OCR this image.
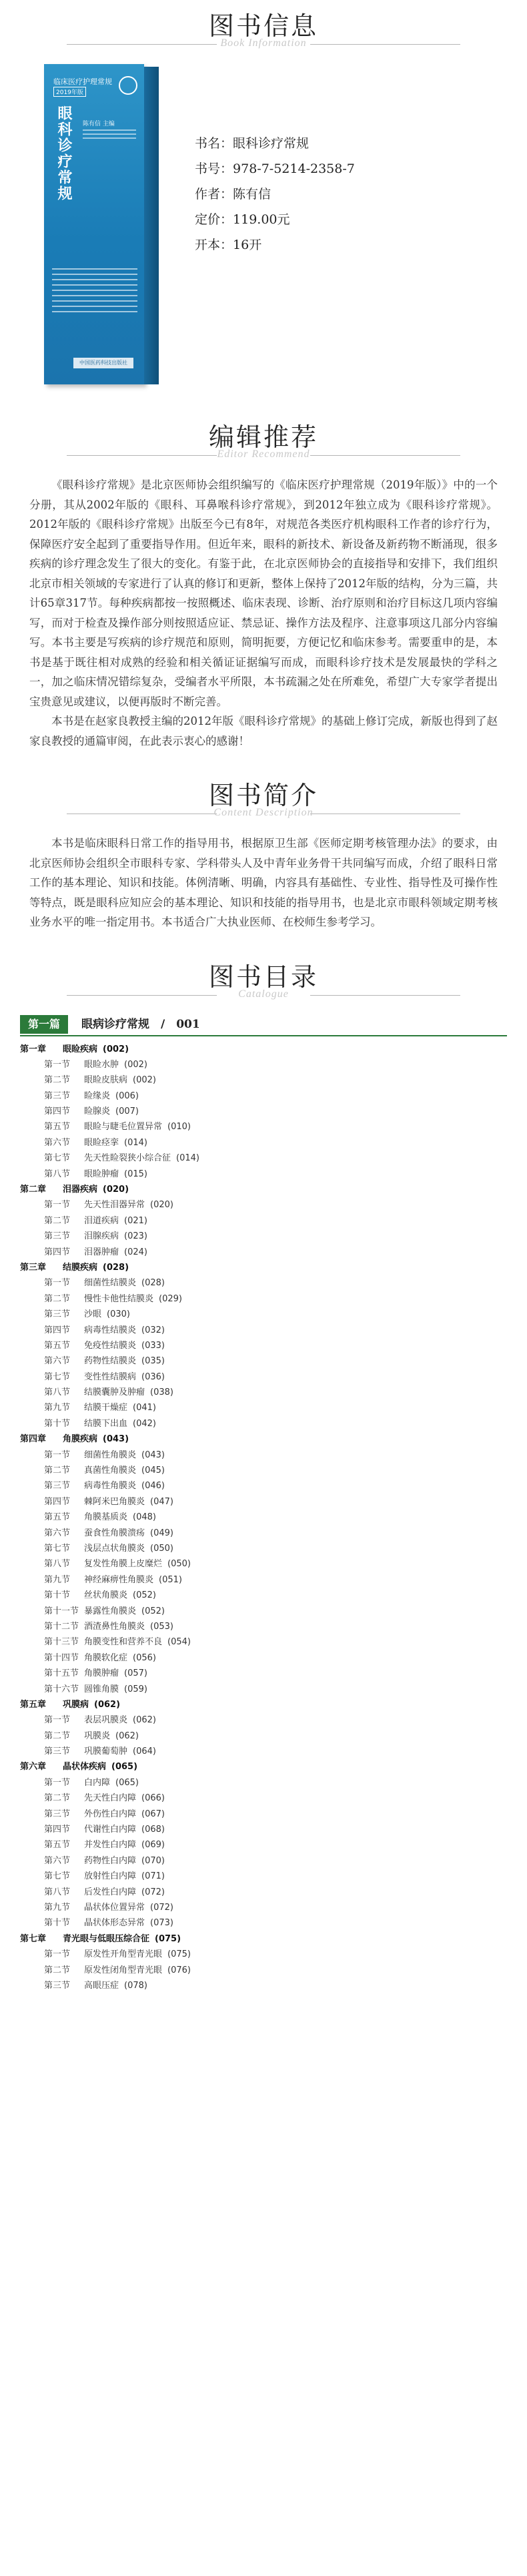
图书信息
Book Information
临床医疗护理常规
2019年版
眼科诊疗常规 陈有信 主编
中国医药科技出版社
书名：眼科诊疗常规
书号：978-7-5214-2358-7
作者：陈有信
定价：119.00元
开本：16开
编辑推荐
Editor Recommend

《眼科诊疗常规》是北京医师协会组织编写的《临床医疗护理常规（2019年版）》中的一个分册，其从2002年版的《眼科、耳鼻喉科诊疗常规》，到2012年独立成为《眼科诊疗常规》。2012年版的《眼科诊疗常规》出版至今已有8年，对规范各类医疗机构眼科工作者的诊疗行为，保障医疗安全起到了重要指导作用。但近年来，眼科的新技术、新设备及新药物不断涌现，很多疾病的诊疗理念发生了很大的变化。有鉴于此，在北京医师协会的直接指导和安排下，我们组织北京市相关领域的专家进行了认真的修订和更新，整体上保持了2012年版的结构，分为三篇，共计65章317节。每种疾病都按一按照概述、临床表现、诊断、治疗原则和治疗目标这几项内容编写，而对于检查及操作部分则按照适应证、禁忌证、操作方法及程序、注意事项这几部分内容编写。本书主要是写疾病的诊疗规范和原则，简明扼要，方便记忆和临床参考。需要重申的是，本书是基于既往相对成熟的经验和相关循证证据编写而成，而眼科诊疗技术是发展最快的学科之一，加之临床情况错综复杂，受编者水平所限，本书疏漏之处在所难免，希望广大专家学者提出宝贵意见或建议，以便再版时不断完善。

本书是在赵家良教授主编的2012年版《眼科诊疗常规》的基础上修订完成，新版也得到了赵家良教授的通篇审阅，在此表示衷心的感谢！

图书简介
Content Description

本书是临床眼科日常工作的指导用书，根据原卫生部《医师定期考核管理办法》的要求，由北京医师协会组织全市眼科专家、学科带头人及中青年业务骨干共同编写而成，介绍了眼科日常工作的基本理论、知识和技能。体例清晰、明确，内容具有基础性、专业性、指导性及可操作性等特点，既是眼科应知应会的基本理论、知识和技能的指导用书，也是北京市眼科领域定期考核业务水平的唯一指定用书。本书适合广大执业医师、在校师生参考学习。

图书目录
Catalogue
第一篇	眼病诊疗常规　/　001
第一章	眼睑疾病 (002)
第一节	眼睑水肿 (002)
第二节	眼睑皮肤病 (002)
第三节	睑缘炎 (006)
第四节	睑腺炎 (007)
第五节	眼睑与睫毛位置异常 (010)
第六节	眼睑痉挛 (014)
第七节	先天性睑裂狭小综合征 (014)
第八节	眼睑肿瘤 (015)
第二章	泪器疾病 (020)
第一节	先天性泪器异常 (020)
第二节	泪道疾病 (021)
第三节	泪腺疾病 (023)
第四节	泪器肿瘤 (024)
第三章	结膜疾病 (028)
第一节	细菌性结膜炎 (028)
第二节	慢性卡他性结膜炎 (029)
第三节	沙眼 (030)
第四节	病毒性结膜炎 (032)
第五节	免疫性结膜炎 (033)
第六节	药物性结膜炎 (035)
第七节	变性性结膜病 (036)
第八节	结膜囊肿及肿瘤 (038)
第九节	结膜干燥症 (041)
第十节	结膜下出血 (042)
第四章	角膜疾病 (043)
第一节	细菌性角膜炎 (043)
第二节	真菌性角膜炎 (045)
第三节	病毒性角膜炎 (046)
第四节	棘阿米巴角膜炎 (047)
第五节	角膜基质炎 (048)
第六节	蚕食性角膜溃疡 (049)
第七节	浅层点状角膜炎 (050)
第八节	复发性角膜上皮糜烂 (050)
第九节	神经麻痹性角膜炎 (051)
第十节	丝状角膜炎 (052)
第十一节 暴露性角膜炎 (052)
第十二节 酒渣鼻性角膜炎 (053)
第十三节 角膜变性和营养不良 (054)
第十四节 角膜软化症 (056)
第十五节 角膜肿瘤 (057)
第十六节 圆锥角膜 (059)
第五章	巩膜病 (062)
第一节	表层巩膜炎 (062)
第二节	巩膜炎 (062)
第三节	巩膜葡萄肿 (064)
第六章	晶状体疾病 (065)
第一节	白内障 (065)
第二节	先天性白内障 (066)
第三节	外伤性白内障 (067)
第四节	代谢性白内障 (068)
第五节	并发性白内障 (069)
第六节	药物性白内障 (070)
第七节	放射性白内障 (071)
第八节	后发性白内障 (072)
第九节	晶状体位置异常 (072)
第十节	晶状体形态异常 (073)
第七章	青光眼与低眼压综合征 (075)
第一节	原发性开角型青光眼 (075)
第二节	原发性闭角型青光眼 (076)
第三节	高眼压症 (078)
